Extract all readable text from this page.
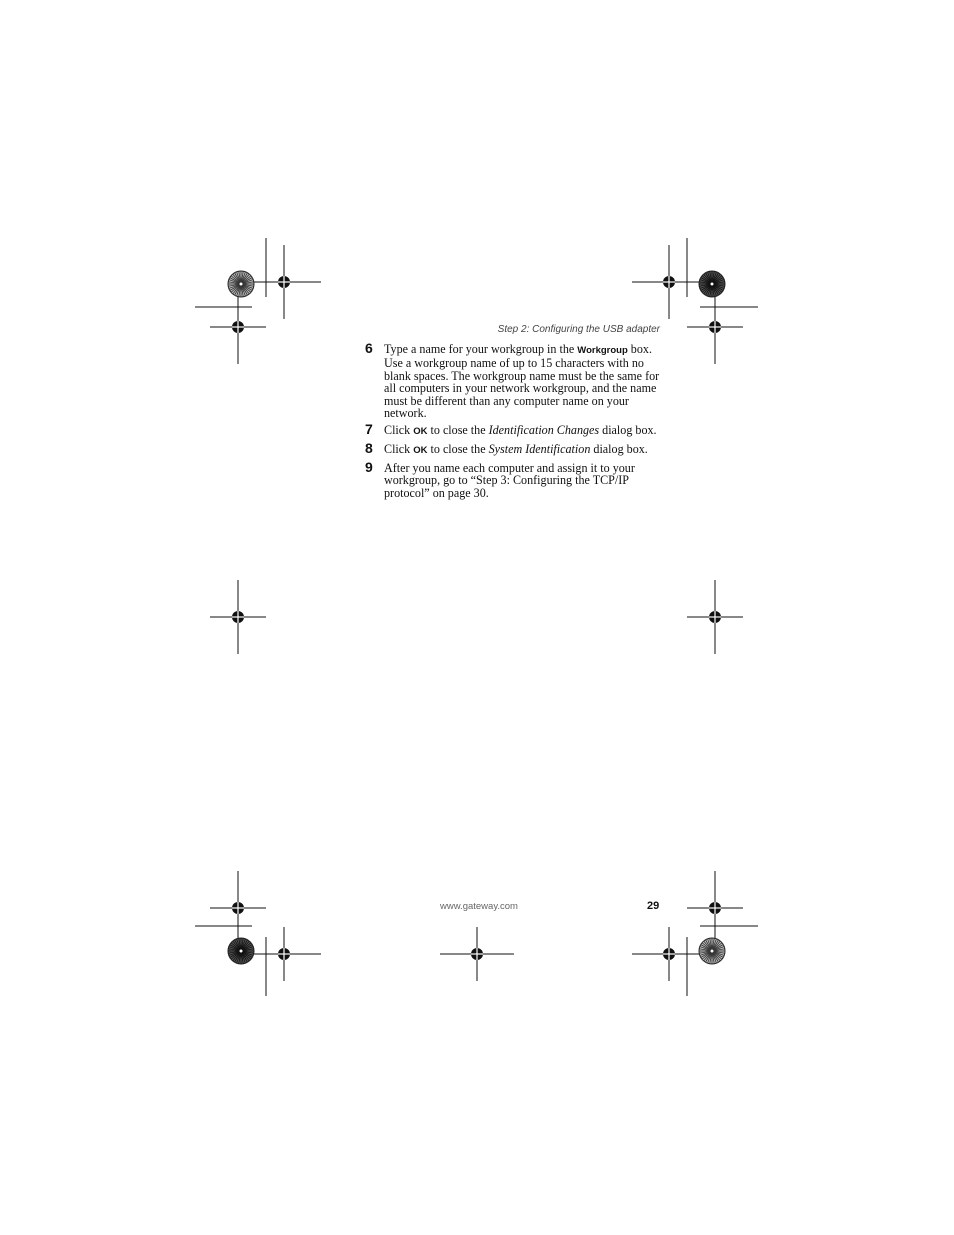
Step 2: Configuring the USB adapter
6 Type a name for your workgroup in the Workgroup box. Use a workgroup name of up to 15 characters with no blank spaces. The workgroup name must be the same for all computers in your network workgroup, and the name must be different than any computer name on your network.
7 Click OK to close the Identification Changes dialog box.
8 Click OK to close the System Identification dialog box.
9 After you name each computer and assign it to your workgroup, go to “Step 3: Configuring the TCP/IP protocol” on page 30.
www.gateway.com	29
